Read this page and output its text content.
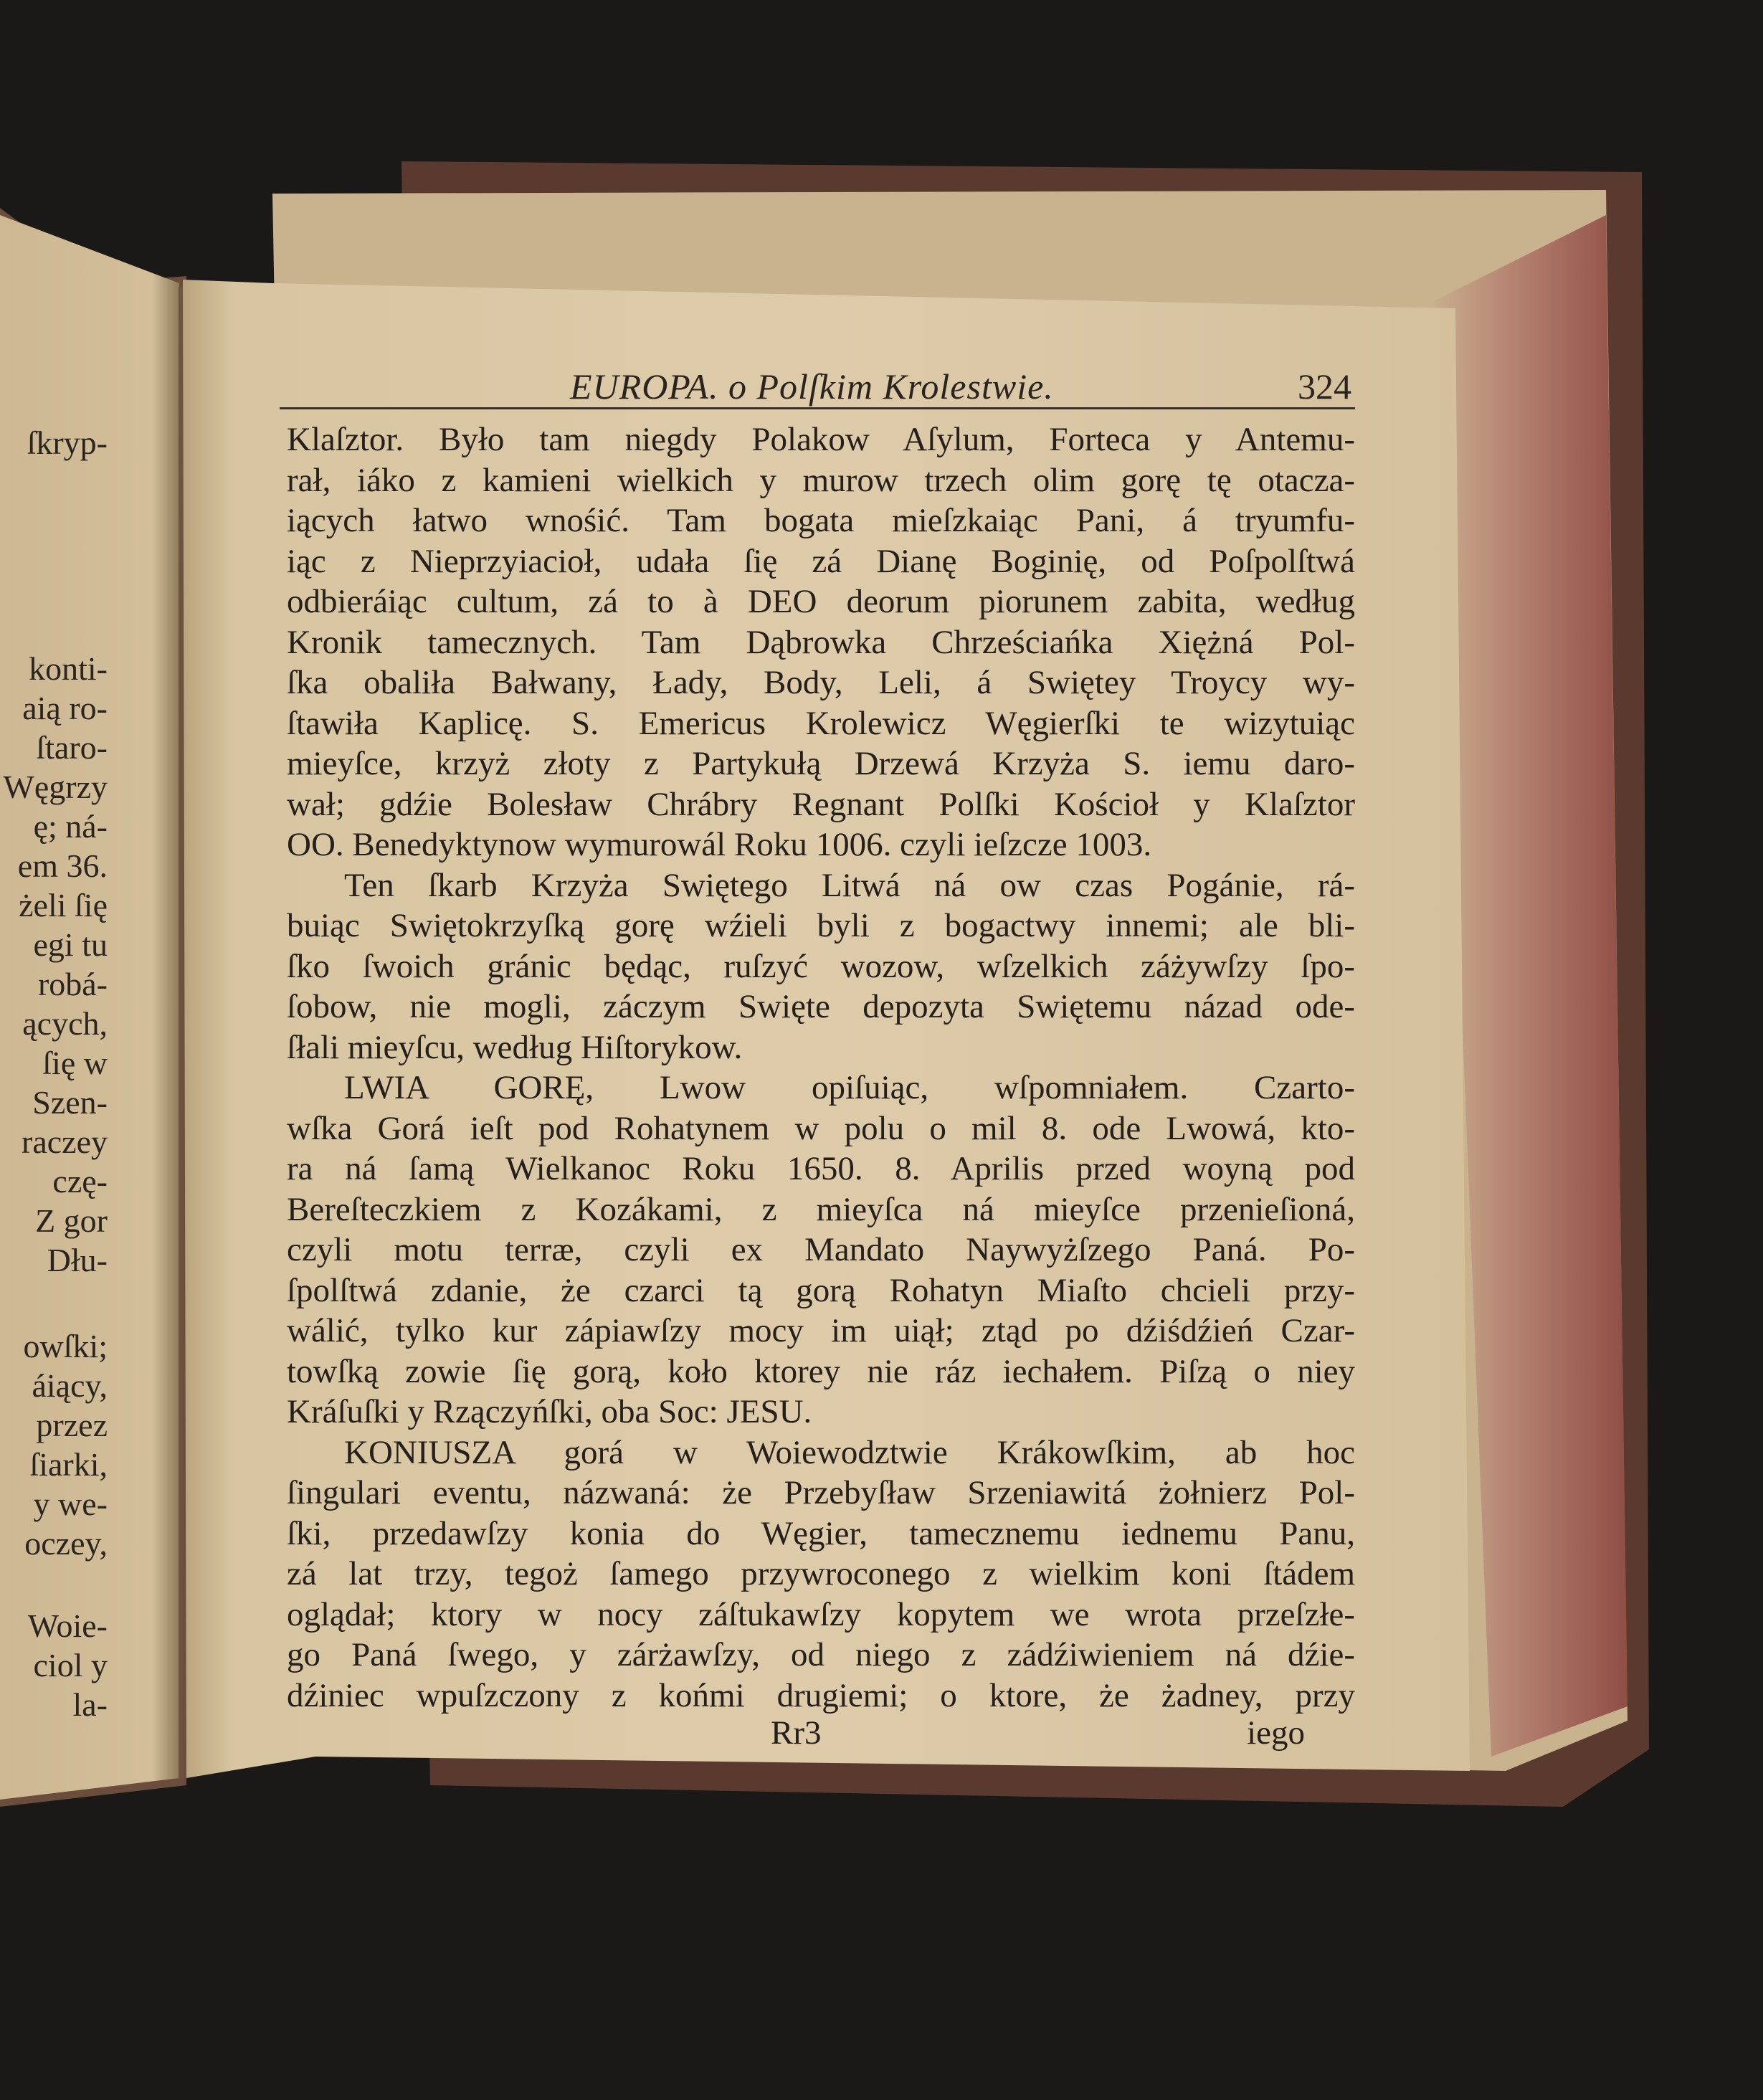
ſkryp-
konti-
aią ro-
ſtaro-
Węgrzy
ę; ná-
em 36.
żeli ſię
egi tu
robá-
ących,
ſię w
Szen-
raczey
czę-
Z gor
Dłu-
owſki;
áiący,
przez
ſiarki,
y we-
oczey,
Woie-
ciol y
la-
EUROPA. o Polſkim Krolestwie.	324
Klaſztor. Było tam niegdy Polakow Aſylum, Forteca y Antemu-
rał, iáko z kamieni wielkich y murow trzech olim gorę tę otacza-
iących łatwo wnośić. Tam bogata mieſzkaiąc Pani, á tryumfu-
iąc z Nieprzyiacioł, udała ſię zá Dianę Boginię, od Poſpolſtwá
odbieráiąc cultum, zá to à DEO deorum piorunem zabita, według
Kronik tamecznych. Tam Dąbrowka Chrześciańka Xiężná Pol-
ſka obaliła Bałwany, Łady, Body, Leli, á Swiętey Troycy wy-
ſtawiła Kaplicę. S. Emericus Krolewicz Węgierſki te wizytuiąc
mieyſce, krzyż złoty z Partykułą Drzewá Krzyża S. iemu daro-
wał; gdźie Bolesław Chrábry Regnant Polſki Kościoł y Klaſztor
OO. Benedyktynow wymurowál Roku 1006. czyli ieſzcze 1003.
Ten ſkarb Krzyża Swiętego Litwá ná ow czas Pogánie, rá-
buiąc Swiętokrzyſką gorę wźieli byli z bogactwy innemi; ale bli-
ſko ſwoich gránic będąc, ruſzyć wozow, wſzelkich záżywſzy ſpo-
ſobow, nie mogli, záczym Swięte depozyta Swiętemu názad ode-
ſłali mieyſcu, według Hiſtorykow.
LWIA GORĘ, Lwow opiſuiąc, wſpomniałem. Czarto-
wſka Gorá ieſt pod Rohatynem w polu o mil 8. ode Lwowá, kto-
ra ná ſamą Wielkanoc Roku 1650. 8. Aprilis przed woyną pod
Bereſteczkiem z Kozákami, z mieyſca ná mieyſce przenieſioná,
czyli motu terræ, czyli ex Mandato Naywyżſzego Paná. Po-
ſpolſtwá zdanie, że czarci tą gorą Rohatyn Miaſto chcieli przy-
wálić, tylko kur zápiawſzy mocy im uiął; ztąd po dźiśdźień Czar-
towſką zowie ſię gorą, koło ktorey nie ráz iechałem. Piſzą o niey
Kráſuſki y Rzączyńſki, oba Soc: JESU.
KONIUSZA gorá w Woiewodztwie Krákowſkim, ab hoc
ſingulari eventu, názwaná: że Przebyſław Srzeniawitá żołnierz Pol-
ſki, przedawſzy konia do Węgier, tamecznemu iednemu Panu,
zá lat trzy, tegoż ſamego przywroconego z wielkim koni ſtádem
oglądał; ktory w nocy záſtukawſzy kopytem we wrota przeſzłe-
go Paná ſwego, y zárżawſzy, od niego z zádźiwieniem ná dźie-
dźiniec wpuſzczony z końmi drugiemi; o ktore, że żadney, przy
Rr3	iego
